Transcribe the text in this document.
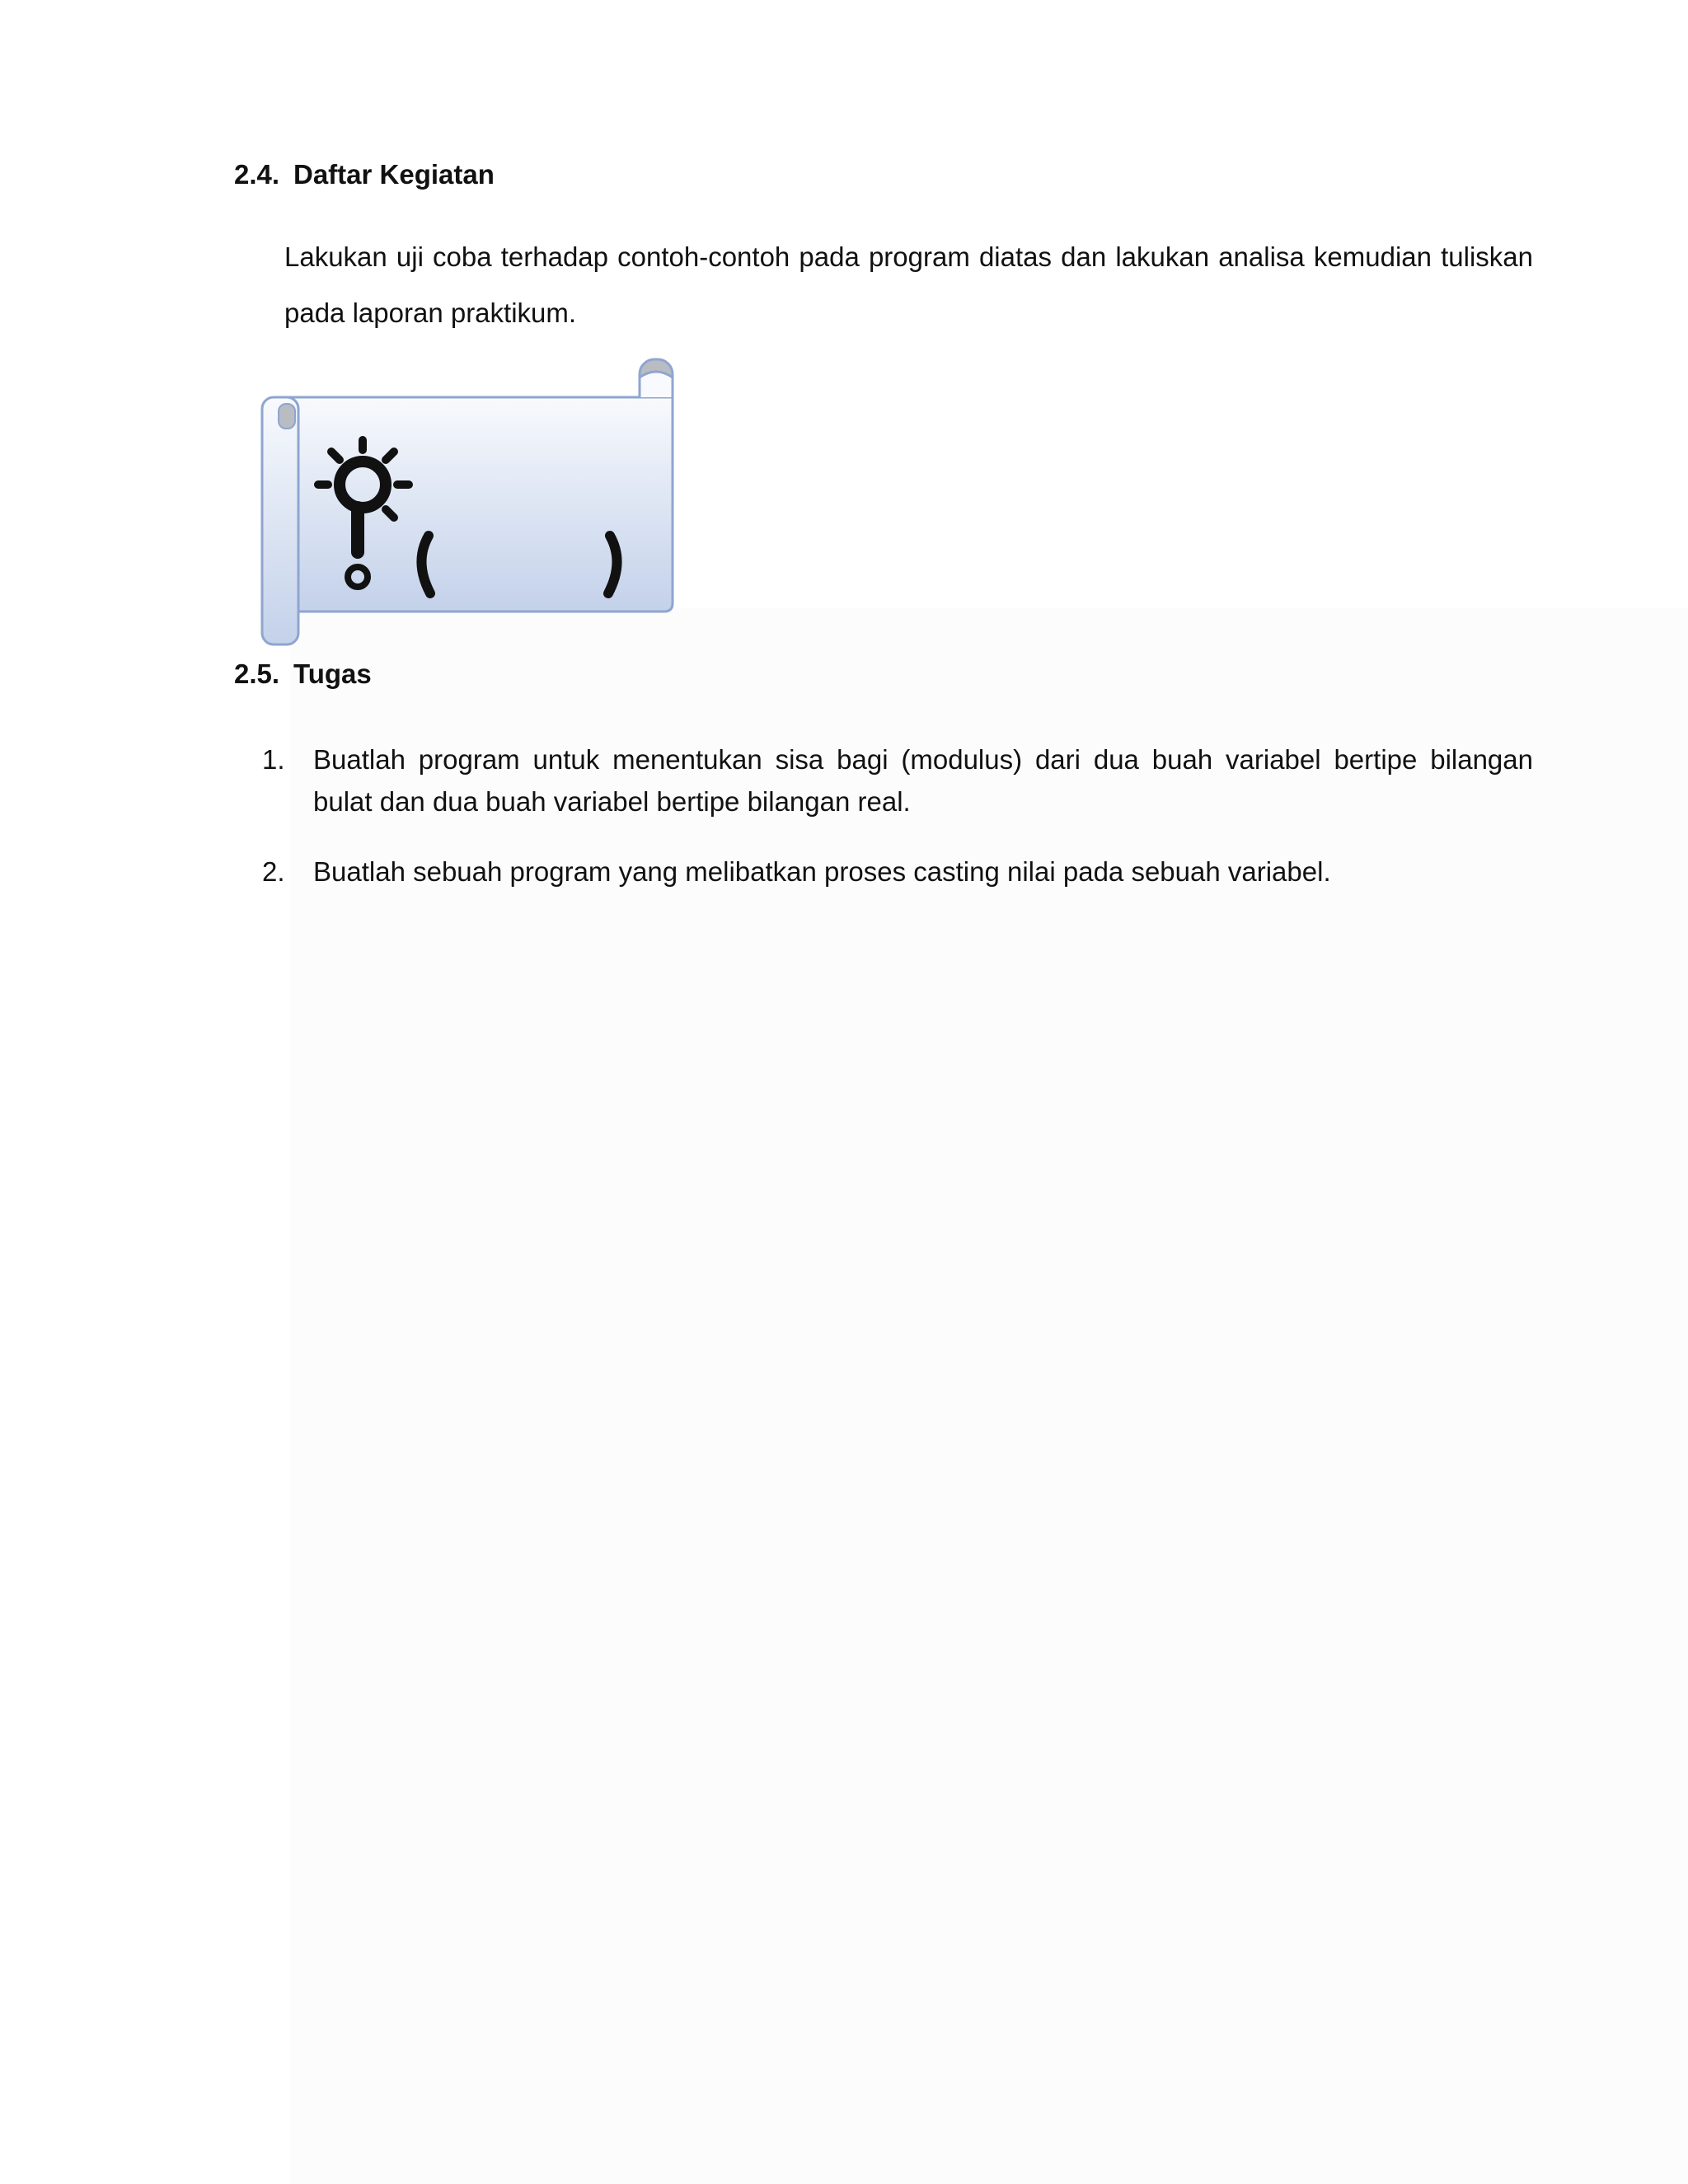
2.4. Daftar Kegiatan
Lakukan uji coba terhadap contoh-contoh pada program diatas dan lakukan analisa kemudian tuliskan pada laporan praktikum.
2.5. Tugas
1. Buatlah program untuk menentukan sisa bagi (modulus) dari dua buah variabel bertipe bilangan bulat dan dua buah variabel bertipe bilangan real.
2. Buatlah sebuah program yang melibatkan proses casting nilai pada sebuah variabel.
